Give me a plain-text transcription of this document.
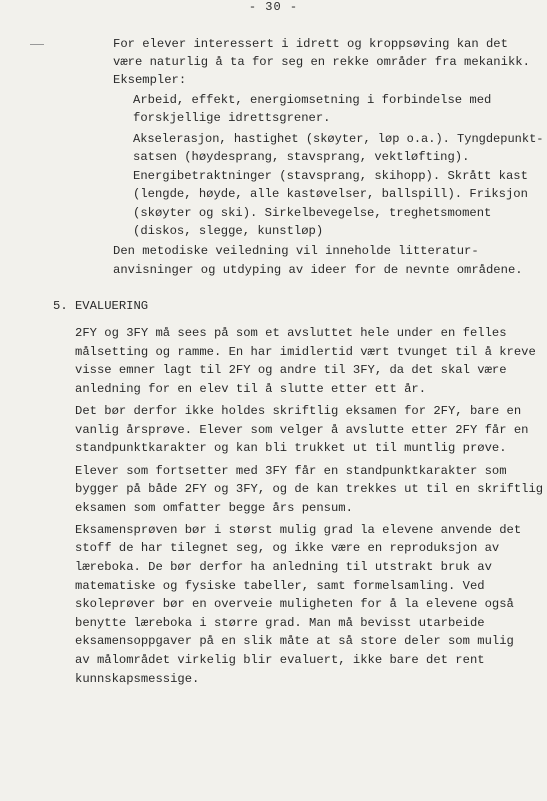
- 30 -
For elever interessert i idrett og kroppsøving kan det
være naturlig å ta for seg en rekke områder fra mekanikk.
Eksempler:
Arbeid, effekt, energiomsetning i forbindelse med
forskjellige idrettsgrener.
Akselerasjon, hastighet (skøyter, løp o.a.). Tyngdepunkt-
satsen (høydesprang, stavsprang, vektløfting).
Energibetraktninger (stavsprang, skihopp). Skrått kast
(lengde, høyde, alle kastøvelser, ballspill). Friksjon
(skøyter og ski). Sirkelbevegelse, treghetsmoment
(diskos, slegge, kunstløp)
Den metodiske veiledning vil inneholde litteratur-
anvisninger og utdyping av ideer for de nevnte områdene.
5. EVALUERING
2FY og 3FY må sees på som et avsluttet hele under en felles
målsetting og ramme. En har imidlertid vært tvunget til å kreve
visse emner lagt til 2FY og andre til 3FY, da det skal være
anledning for en elev til å slutte etter ett år.
Det bør derfor ikke holdes skriftlig eksamen for 2FY, bare en
vanlig årsprøve. Elever som velger å avslutte etter 2FY får en
standpunktkarakter og kan bli trukket ut til muntlig prøve.
Elever som fortsetter med 3FY får en standpunktkarakter som
bygger på både 2FY og 3FY, og de kan trekkes ut til en skriftlig
eksamen som omfatter begge års pensum.
Eksamensprøven bør i størst mulig grad la elevene anvende det
stoff de har tilegnet seg, og ikke være en reproduksjon av
læreboka. De bør derfor ha anledning til utstrakt bruk av
matematiske og fysiske tabeller, samt formelsamling. Ved
skoleprøver bør en overveie muligheten for å la elevene også
benytte læreboka i større grad. Man må bevisst utarbeide
eksamensoppgaver på en slik måte at så store deler som mulig
av målområdet virkelig blir evaluert, ikke bare det rent
kunnskapsmessige.
